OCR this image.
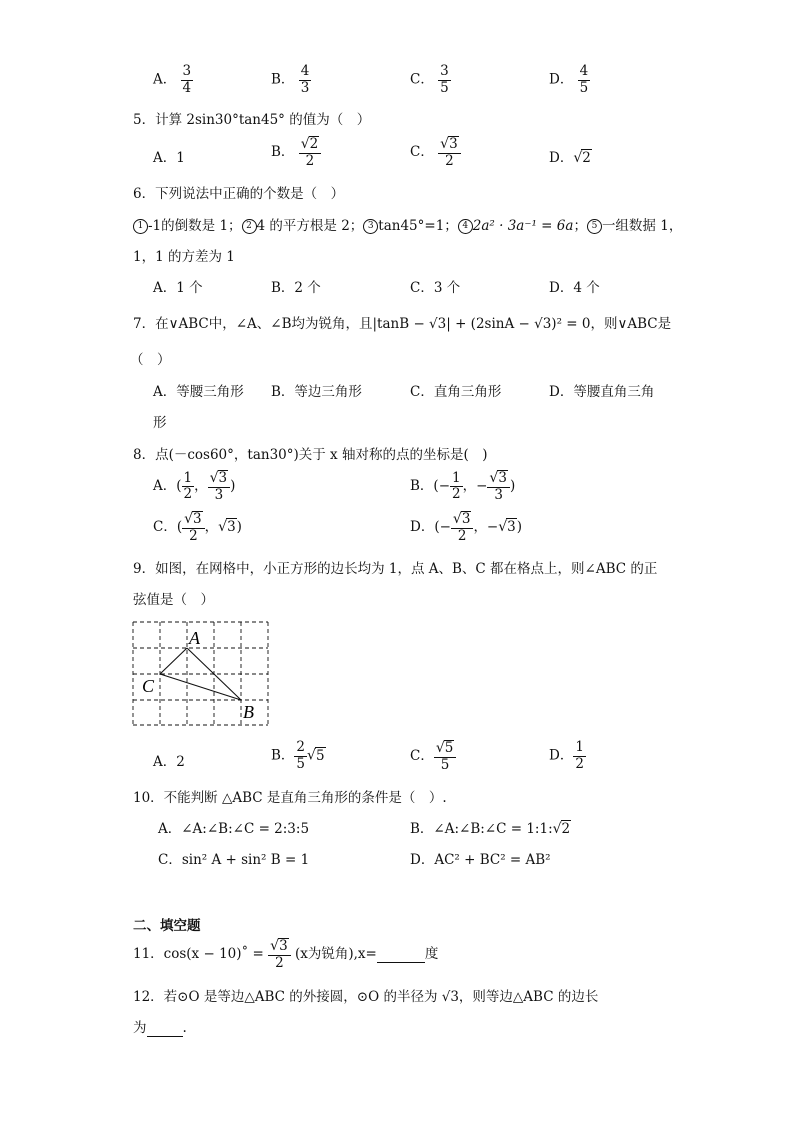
A． $\frac{3}{4}$	B． $\frac{4}{3}$	C． $\frac{3}{5}$	D． $\frac{4}{5}$
5．计算 2sin30°tan45° 的值为（　）
A．1	B． $\frac{√2}{2}$	C． $\frac{√3}{2}$	D．√2
6．下列说法中正确的个数是（　）
1 -1的倒数是 1； 2 4 的平方根是 2； 3 tan45°=1； 4 2a² · 3a⁻¹ = 6a； 5 一组数据 1，
1，1 的方差为 1
A．1 个	B．2 个	C．3 个	D．4 个
7．在∨ABC中，∠A、∠B均为锐角，且|tanB − √3| + (2sinA − √3)² = 0，则∨ABC是
（　）
A．等腰三角形 B．等边三角形	C．直角三角形	D．等腰直角三角
形
8．点(－cos60°，tan30°)关于 x 轴对称的点的坐标是(　)
A．( $\frac{1}{2}$ ， $\frac{√3}{3}$ )	B．(− $\frac{1}{2}$ ，− $\frac{√3}{3}$ )
C．( $\frac{√3}{2}$ ，√3)	D．(− $\frac{√3}{2}$ ，−√3)
9．如图，在网格中，小正方形的边长均为 1，点 A、B、C 都在格点上，则∠ABC 的正
弦值是（　）
A
B
C
A．2	B． $\frac{2}{5} √5$	C． $\frac{√5}{5}$	D． $\frac{1}{2}$
10．不能判断 △ABC 是直角三角形的条件是（　）.
A．∠A:∠B:∠C = 2:3:5	B．∠A:∠B:∠C = 1:1:√2
C．sin² A + sin² B = 1	D．AC² + BC² = AB²
二、填空题
11．cos(x − 10)˚ = $\frac{√3}{2} (x$为锐角),x=	度
12．若⊙O 是等边△ABC 的外接圆，⊙O 的半径为 √3，则等边△ABC 的边长
为	.
